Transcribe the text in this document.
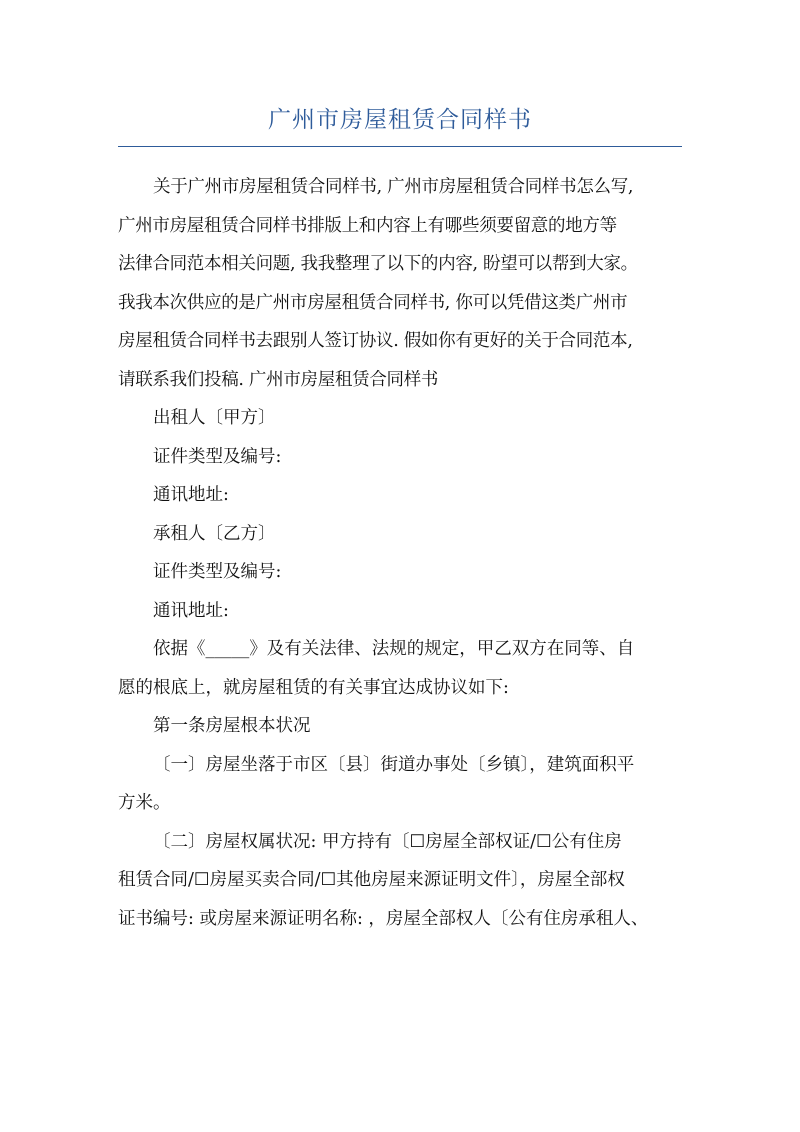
广州市房屋租赁合同样书

关于广州市房屋租赁合同样书, 广州市房屋租赁合同样书怎么写,

广州市房屋租赁合同样书排版上和内容上有哪些须要留意的地方等

法律合同范本相关问题, 我我整理了以下的内容, 盼望可以帮到大家。

我我本次供应的是广州市房屋租赁合同样书, 你可以凭借这类广州市

房屋租赁合同样书去跟别人签订协议. 假如你有更好的关于合同范本,

请联系我们投稿. 广州市房屋租赁合同样书

出租人〔甲方〕

证件类型及编号:

通讯地址:

承租人〔乙方〕

证件类型及编号:

通讯地址:

依据《_____》及有关法律、法规的规定，甲乙双方在同等、自

愿的根底上，就房屋租赁的有关事宜达成协议如下:

第一条房屋根本状况

〔一〕房屋坐落于市区〔县〕街道办事处〔乡镇〕，建筑面积平

方米。

〔二〕房屋权属状况: 甲方持有〔☐房屋全部权证/☐公有住房

租赁合同/☐房屋买卖合同/☐其他房屋来源证明文件〕，房屋全部权

证书编号: 或房屋来源证明名称: ，房屋全部权人〔公有住房承租人、
